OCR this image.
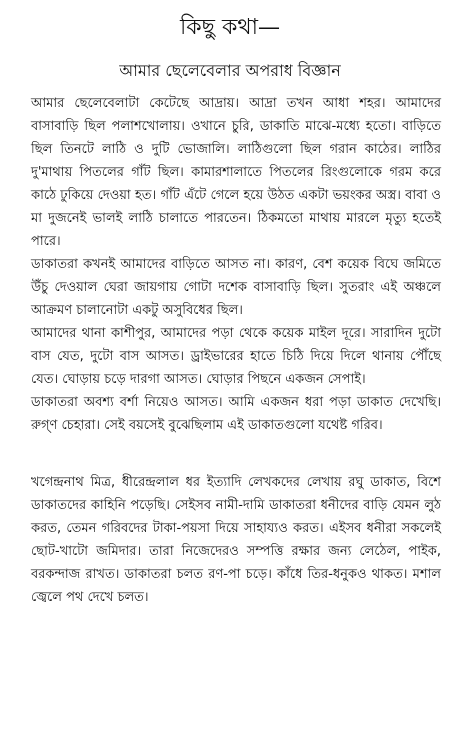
কিছু কথা—
আমার ছেলেবেলার অপরাধ বিজ্ঞান

আমার ছেলেবেলাটা কেটেছে আদ্রায়। আদ্রা তখন আধা শহর। আমাদের বাসাবাড়ি ছিল পলাশখোলায়। ওখানে চুরি, ডাকাতি মাঝে-মধ্যে হতো। বাড়িতে ছিল তিনটে লাঠি ও দুটি ভোজালি। লাঠিগুলো ছিল গরান কাঠের। লাঠির দু'মাথায় পিতলের গাঁট ছিল। কামারশালাতে পিতলের রিংগুলোকে গরম করে কাঠে ঢুকিয়ে দেওয়া হত। গাঁট এঁটে গেলে হয়ে উঠত একটা ভয়ংকর অস্ত্র। বাবা ও মা দুজনেই ভালই লাঠি চালাতে পারতেন। ঠিকমতো মাথায় মারলে মৃত্যু হতেই পারে।

ডাকাতরা কখনই আমাদের বাড়িতে আসত না। কারণ, বেশ কয়েক বিঘে জমিতে উঁচু দেওয়াল ঘেরা জায়গায় গোটা দশেক বাসাবাড়ি ছিল। সুতরাং এই অঞ্চলে আক্রমণ চালানোটা একটু অসুবিধের ছিল।

আমাদের থানা কাশীপুর, আমাদের পড়া থেকে কয়েক মাইল দূরে। সারাদিন দুটো বাস যেত, দুটো বাস আসত। ড্রাইভারের হাতে চিঠি দিয়ে দিলে থানায় পৌঁছে যেত। ঘোড়ায় চড়ে দারগা আসত। ঘোড়ার পিছনে একজন সেপাই।

ডাকাতরা অবশ্য বর্শা নিয়েও আসত। আমি একজন ধরা পড়া ডাকাত দেখেছি। রুগ্ণ চেহারা। সেই বয়সেই বুঝেছিলাম এই ডাকাতগুলো যথেষ্ট গরিব।

খগেন্দ্রনাথ মিত্র, ধীরেন্দ্রলাল ধর ইত্যাদি লেখকদের লেখায় রঘু ডাকাত, বিশে ডাকাতদের কাহিনি পড়েছি। সেইসব নামী-দামি ডাকাতরা ধনীদের বাড়ি যেমন লুঠ করত, তেমন গরিবদের টাকা-পয়সা দিয়ে সাহায্যও করত। এইসব ধনীরা সকলেই ছোট-খাটো জমিদার। তারা নিজেদেরও সম্পত্তি রক্ষার জন্য লেঠেল, পাইক, বরকন্দাজ রাখত। ডাকাতরা চলত রণ-পা চড়ে। কাঁধে তির-ধনুকও থাকত। মশাল জ্বেলে পথ দেখে চলত।
